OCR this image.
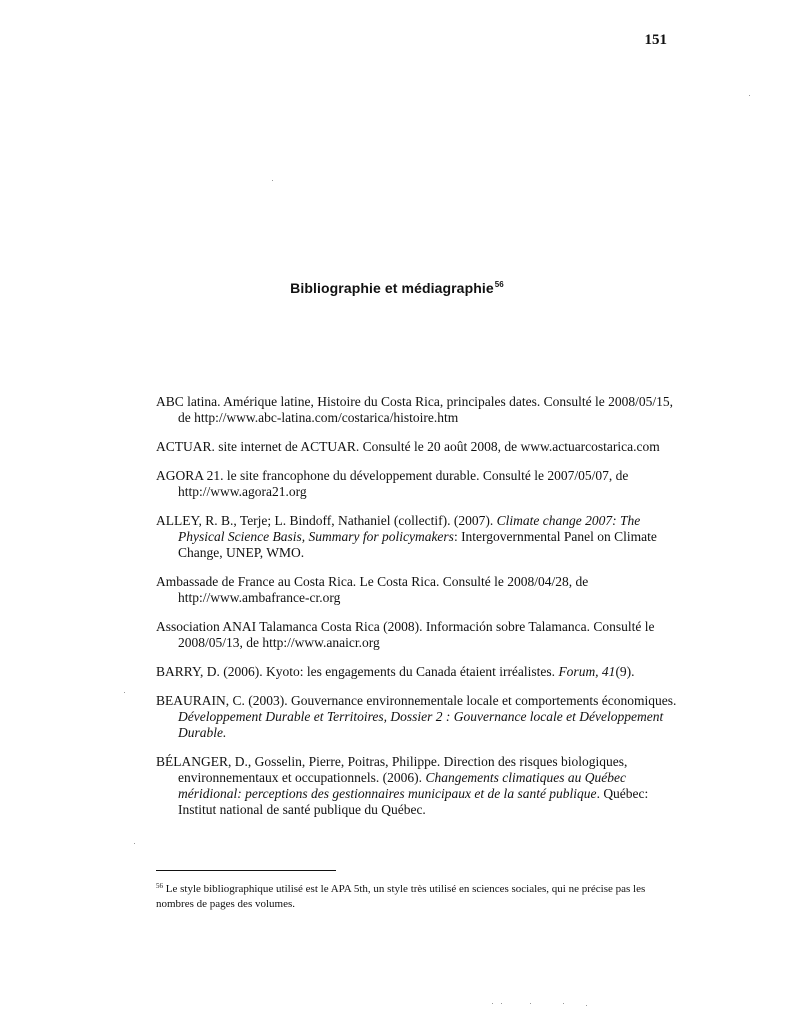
151
Bibliographie et médiagraphie$^{56}$

ABC latina. Amérique latine, Histoire du Costa Rica, principales dates. Consulté le 2008/05/15, de http://www.abc-latina.com/costarica/histoire.htm

ACTUAR. site internet de ACTUAR. Consulté le 20 août 2008, de www.actuarcostarica.com

AGORA 21. le site francophone du développement durable. Consulté le 2007/05/07, de http://www.agora21.org

ALLEY, R. B., Terje; L. Bindoff, Nathaniel (collectif). (2007). Climate change 2007: The Physical Science Basis, Summary for policymakers: Intergovernmental Panel on Climate Change, UNEP, WMO.

Ambassade de France au Costa Rica. Le Costa Rica. Consulté le 2008/04/28, de http://www.ambafrance-cr.org

Association ANAI Talamanca Costa Rica (2008). Información sobre Talamanca. Consulté le 2008/05/13, de http://www.anaicr.org

BARRY, D. (2006). Kyoto: les engagements du Canada étaient irréalistes. Forum, 41(9).

BEAURAIN, C. (2003). Gouvernance environnementale locale et comportements économiques. Développement Durable et Territoires, Dossier 2 : Gouvernance locale et Développement Durable.

BÉLANGER, D., Gosselin, Pierre, Poitras, Philippe. Direction des risques biologiques, environnementaux et occupationnels. (2006). Changements climatiques au Québec méridional: perceptions des gestionnaires municipaux et de la santé publique. Québec: Institut national de santé publique du Québec.

$^{56}$ Le style bibliographique utilisé est le APA 5th, un style très utilisé en sciences sociales, qui ne précise pas les nombres de pages des volumes.
